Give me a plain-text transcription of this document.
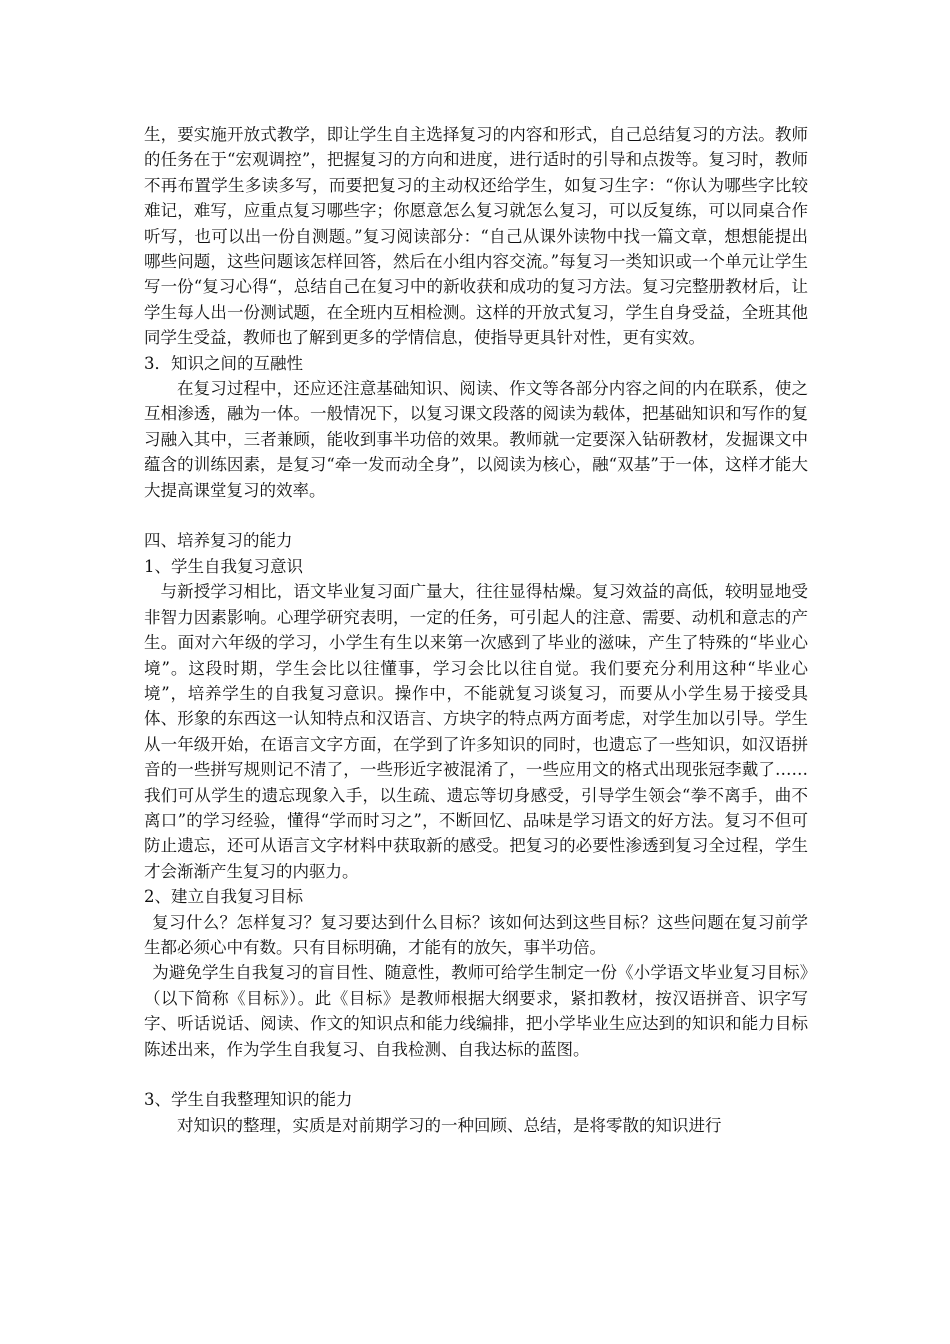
生，要实施开放式教学，即让学生自主选择复习的内容和形式，自己总结复习的方法。教师的任务在于“宏观调控”，把握复习的方向和进度，进行适时的引导和点拨等。复习时，教师不再布置学生多读多写，而要把复习的主动权还给学生，如复习生字：“你认为哪些字比较难记，难写，应重点复习哪些字；你愿意怎么复习就怎么复习，可以反复练，可以同桌合作听写，也可以出一份自测题。”复习阅读部分：“自己从课外读物中找一篇文章，想想能提出哪些问题，这些问题该怎样回答，然后在小组内容交流。”每复习一类知识或一个单元让学生写一份“复习心得“，总结自己在复习中的新收获和成功的复习方法。复习完整册教材后，让学生每人出一份测试题，在全班内互相检测。这样的开放式复习，学生自身受益，全班其他同学生受益，教师也了解到更多的学情信息，使指导更具针对性，更有实效。

3．知识之间的互融性

在复习过程中，还应还注意基础知识、阅读、作文等各部分内容之间的内在联系，使之互相渗透，融为一体。一般情况下，以复习课文段落的阅读为载体，把基础知识和写作的复习融入其中，三者兼顾，能收到事半功倍的效果。教师就一定要深入钻研教材，发掘课文中蕴含的训练因素，是复习“牵一发而动全身”，以阅读为核心，融“双基”于一体，这样才能大大提高课堂复习的效率。

四、培养复习的能力

1、学生自我复习意识

与新授学习相比，语文毕业复习面广量大，往往显得枯燥。复习效益的高低，较明显地受非智力因素影响。心理学研究表明，一定的任务，可引起人的注意、需要、动机和意志的产生。面对六年级的学习，小学生有生以来第一次感到了毕业的滋味，产生了特殊的“毕业心境”。这段时期，学生会比以往懂事，学习会比以往自觉。我们要充分利用这种“毕业心境”，培养学生的自我复习意识。操作中，不能就复习谈复习，而要从小学生易于接受具体、形象的东西这一认知特点和汉语言、方块字的特点两方面考虑，对学生加以引导。学生从一年级开始，在语言文字方面，在学到了许多知识的同时，也遗忘了一些知识，如汉语拼音的一些拼写规则记不清了，一些形近字被混淆了，一些应用文的格式出现张冠李戴了……我们可从学生的遗忘现象入手，以生疏、遗忘等切身感受，引导学生领会“拳不离手，曲不离口”的学习经验，懂得“学而时习之”，不断回忆、品味是学习语文的好方法。复习不但可防止遗忘，还可从语言文字材料中获取新的感受。把复习的必要性渗透到复习全过程，学生才会渐渐产生复习的内驱力。

2、建立自我复习目标

复习什么？怎样复习？复习要达到什么目标？该如何达到这些目标？这些问题在复习前学生都必须心中有数。只有目标明确，才能有的放矢，事半功倍。

为避免学生自我复习的盲目性、随意性，教师可给学生制定一份《小学语文毕业复习目标》（以下简称《目标》）。此《目标》是教师根据大纲要求，紧扣教材，按汉语拼音、识字写字、听话说话、阅读、作文的知识点和能力线编排，把小学毕业生应达到的知识和能力目标陈述出来，作为学生自我复习、自我检测、自我达标的蓝图。

3、学生自我整理知识的能力

对知识的整理，实质是对前期学习的一种回顾、总结，是将零散的知识进行
